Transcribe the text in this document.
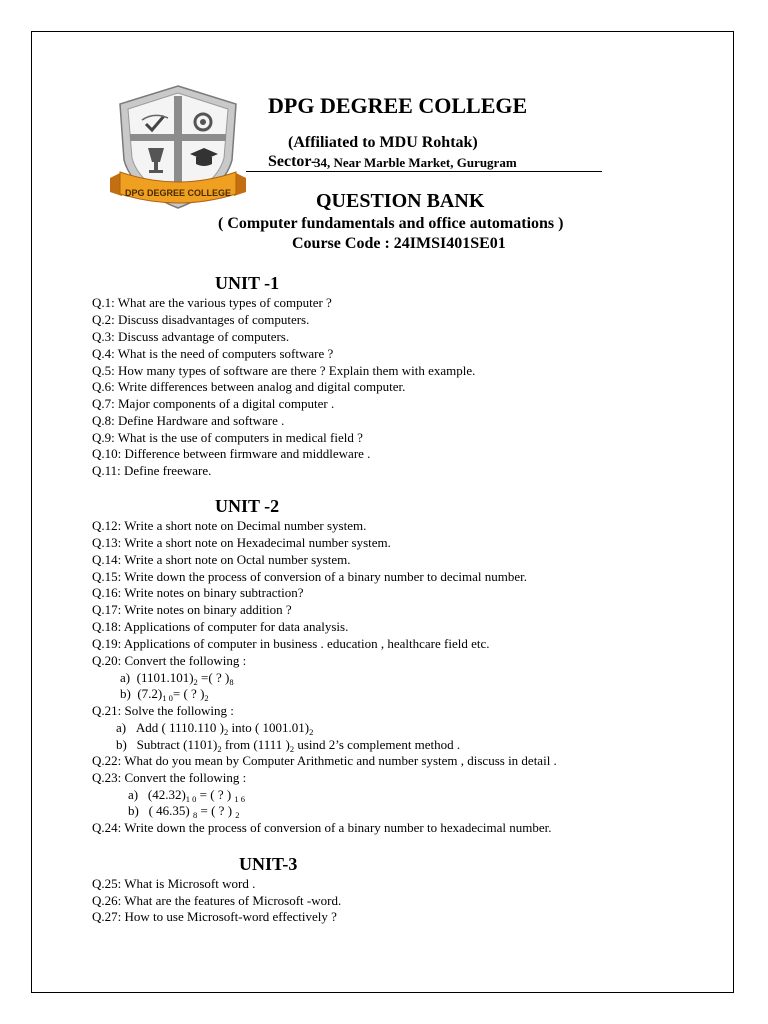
DPG DEGREE COLLEGE
DPG DEGREE COLLEGE
(Affiliated to MDU Rohtak)
Sector-
34, Near Marble Market, Gurugram
QUESTION BANK
( Computer fundamentals and office automations )
Course Code : 24IMSI401SE01
UNIT -1
Q.1: What are the various types of computer ?
Q.2: Discuss disadvantages of computers.
Q.3: Discuss advantage of computers.
Q.4: What is the need of computers software ?
Q.5: How many types of software are there ? Explain them with example.
Q.6: Write differences between analog and digital computer.
Q.7: Major components of a digital computer .
Q.8: Define Hardware and software .
Q.9: What is the use of computers in medical field ?
Q.10: Difference between firmware and middleware .
Q.11: Define freeware.
UNIT -2
Q.12: Write a short note on Decimal number system.
Q.13: Write a short note on Hexadecimal number system.
Q.14: Write a short note on Octal number system.
Q.15: Write down the process of conversion of a binary number to decimal number.
Q.16: Write notes on binary subtraction?
Q.17: Write notes on binary addition ?
Q.18: Applications of computer for data analysis.
Q.19: Applications of computer in business . education , healthcare field etc.
Q.20: Convert the following :
a) $(1101.101)_2$ =( ? )$_8$
b) $(7.2)_{1 0}=$ ( ? )$_2$
Q.21: Solve the following :
a) Add ( 1110.110 )$_2$ into ( $1001.01)_2$
b) Subtract $(1101)_2$ from (1111 )$_2$ usind 2’s complement method .
Q.22: What do you mean by Computer Arithmetic and number system , discuss in detail .
Q.23: Convert the following :
a) $(42.32)_{1 0}$ = ( ? ) $_{1 6}$
b) ( 46.35) $_8$ = ( ? ) $_2$
Q.24: Write down the process of conversion of a binary number to hexadecimal number.
UNIT-3
Q.25: What is Microsoft word .
Q.26: What are the features of Microsoft -word.
Q.27: How to use Microsoft-word effectively ?
